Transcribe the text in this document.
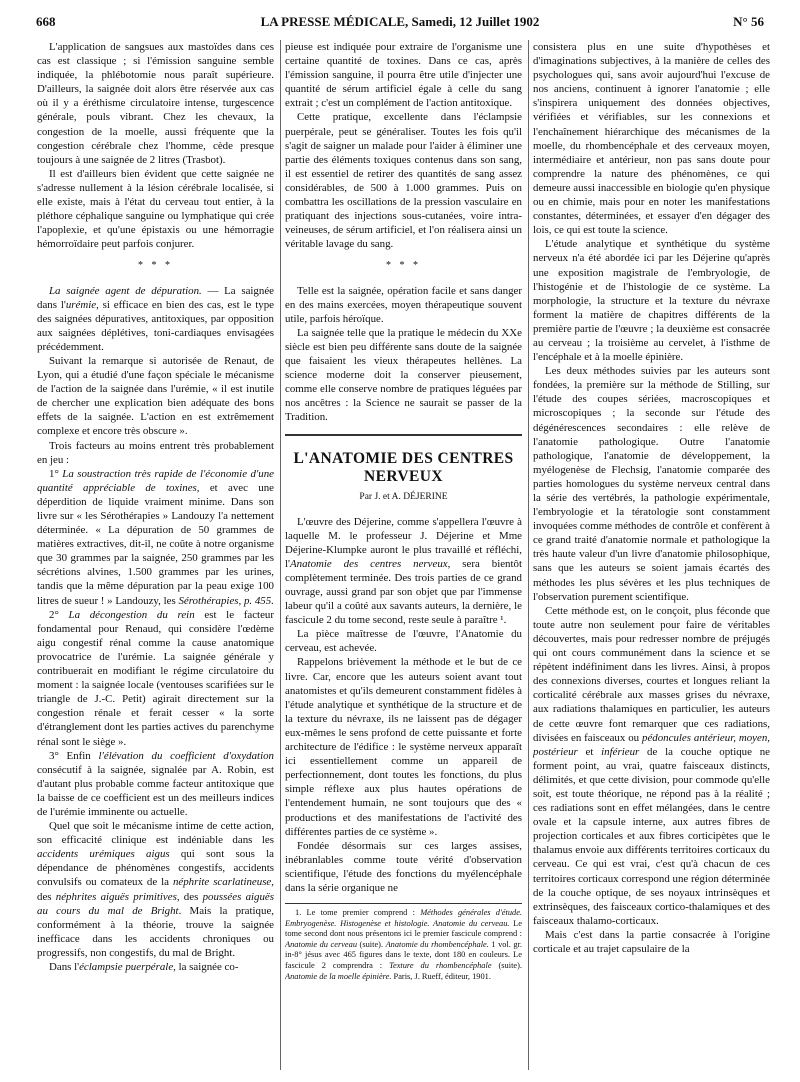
668	LA PRESSE MÉDICALE, Samedi, 12 Juillet 1902	N° 56

L'application de sangsues aux mastoïdes dans ces cas est classique ; si l'émission sanguine semble indiquée, la phlébotomie nous paraît supérieure. D'ailleurs, la saignée doit alors être réservée aux cas où il y a éréthisme circulatoire intense, turgescence générale, pouls vibrant. Chez les chevaux, la congestion de la moelle, aussi fréquente que la congestion cérébrale chez l'homme, cède presque toujours à une saignée de 2 litres (Trasbot).

Il est d'ailleurs bien évident que cette saignée ne s'adresse nullement à la lésion cérébrale localisée, si elle existe, mais à l'état du cerveau tout entier, à la pléthore céphalique sanguine ou lymphatique qui crée l'apoplexie, et qu'une épistaxis ou une hémorragie hémorroïdaire peut parfois conjurer.

* * *

La saignée agent de dépuration. — La saignée dans l'urémie, si efficace en bien des cas, est le type des saignées dépuratives, antitoxiques, par opposition aux saignées déplétives, toni-cardiaques envisagées précédemment.

Suivant la remarque si autorisée de Renaut, de Lyon, qui a étudié d'une façon spéciale le mécanisme de l'action de la saignée dans l'urémie, « il est inutile de chercher une explication bien adéquate des bons effets de la saignée. L'action en est extrêmement complexe et encore très obscure ».

Trois facteurs au moins entrent très probablement en jeu :

1° La soustraction très rapide de l'économie d'une quantité appréciable de toxines, et avec une déperdition de liquide vraiment minime. Dans son livre sur « les Sérothérapies » Landouzy l'a nettement déterminée. « La dépuration de 50 grammes de matières extractives, dit-il, ne coûte à notre organisme que 30 grammes par la saignée, 250 grammes par les sécrétions alvines, 1.500 grammes par les urines, tandis que la même dépuration par la peau exige 100 litres de sueur ! » Landouzy, les Sérothérapies, p. 455.

2° La décongestion du rein est le facteur fondamental pour Renaud, qui considère l'œdème aigu congestif rénal comme la cause anatomique provocatrice de l'urémie. La saignée générale y contribuerait en modifiant le régime circulatoire du moment : la saignée locale (ventouses scarifiées sur le triangle de J.-C. Petit) agirait directement sur la congestion rénale et ferait cesser « la sorte d'étranglement dont les parties actives du parenchyme rénal sont le siège ».

3° Enfin l'élévation du coefficient d'oxydation consécutif à la saignée, signalée par A. Robin, est d'autant plus probable comme facteur antitoxique que la baisse de ce coefficient est un des meilleurs indices de l'urémie imminente ou actuelle.

Quel que soit le mécanisme intime de cette action, son efficacité clinique est indéniable dans les accidents urémiques aigus qui sont sous la dépendance de phénomènes congestifs, accidents convulsifs ou comateux de la néphrite scarlatineuse, des néphrites aiguës primitives, des poussées aiguës au cours du mal de Bright. Mais la pratique, conformément à la théorie, trouve la saignée inefficace dans les accidents chroniques ou progressifs, non congestifs, du mal de Bright.

Dans l'éclampsie puerpérale, la saignée co-

pieuse est indiquée pour extraire de l'organisme une certaine quantité de toxines. Dans ce cas, après l'émission sanguine, il pourra être utile d'injecter une quantité de sérum artificiel égale à celle du sang extrait ; c'est un complément de l'action antitoxique.

Cette pratique, excellente dans l'éclampsie puerpérale, peut se généraliser. Toutes les fois qu'il s'agit de saigner un malade pour l'aider à éliminer une partie des éléments toxiques contenus dans son sang, il est essentiel de retirer des quantités de sang assez considérables, de 500 à 1.000 grammes. Puis on combattra les oscillations de la pression vasculaire en pratiquant des injections sous-cutanées, voire intra-veineuses, de sérum artificiel, et l'on réalisera ainsi un véritable lavage du sang.

* * *

Telle est la saignée, opération facile et sans danger en des mains exercées, moyen thérapeutique souvent utile, parfois héroïque.

La saignée telle que la pratique le médecin du XXe siècle est bien peu différente sans doute de la saignée que faisaient les vieux thérapeutes hellènes. La science moderne doit la conserver pieusement, comme elle conserve nombre de pratiques léguées par nos ancêtres : la Science ne saurait se passer de la Tradition.

L'ANATOMIE DES CENTRES NERVEUX
Par J. et A. DÉJERINE

L'œuvre des Déjerine, comme s'appellera l'œuvre à laquelle M. le professeur J. Déjerine et Mme Déjerine-Klumpke auront le plus travaillé et réfléchi, l'Anatomie des centres nerveux, sera bientôt complètement terminée. Des trois parties de ce grand ouvrage, aussi grand par son objet que par l'immense labeur qu'il a coûté aux savants auteurs, la dernière, le fascicule 2 du tome second, reste seule à paraître ¹.

La pièce maîtresse de l'œuvre, l'Anatomie du cerveau, est achevée.

Rappelons brièvement la méthode et le but de ce livre. Car, encore que les auteurs soient avant tout anatomistes et qu'ils demeurent constamment fidèles à l'étude analytique et synthétique de la structure et de la texture du névraxe, ils ne laissent pas de dégager eux-mêmes le sens profond de cette puissante et forte architecture de l'édifice : le système nerveux apparaît ici essentiellement comme un appareil de perfectionnement, dont toutes les fonctions, du plus simple réflexe aux plus hautes opérations de l'entendement humain, ne sont toujours que des « productions et des manifestations de l'activité des différentes parties de ce système ».

Fondée désormais sur ces larges assises, inébranlables comme toute vérité d'observation scientifique, l'étude des fonctions du myélencéphale dans la série organique ne

1. Le tome premier comprend : Méthodes générales d'étude. Embryogenèse. Histogenèse et histologie. Anatomie du cerveau. Le tome second dont nous présentons ici le premier fascicule comprend : Anatomie du cerveau (suite). Anatomie du rhombencéphale. 1 vol. gr. in-8° jésus avec 465 figures dans le texte, dont 180 en couleurs. Le fascicule 2 comprendra : Texture du rhombencéphale (suite). Anatomie de la moelle épinière. Paris, J. Rueff, éditeur, 1901.

consistera plus en une suite d'hypothèses et d'imaginations subjectives, à la manière de celles des psychologues qui, sans avoir aujourd'hui l'excuse de nos anciens, continuent à ignorer l'anatomie ; elle s'inspirera uniquement des données objectives, vérifiées et vérifiables, sur les connexions et l'enchaînement hiérarchique des mécanismes de la moelle, du rhombencéphale et des cerveaux moyen, intermédiaire et antérieur, non pas sans doute pour comprendre la nature des phénomènes, ce qui demeure aussi inaccessible en biologie qu'en physique ou en chimie, mais pour en noter les manifestations constantes, déterminées, et essayer d'en dégager des lois, ce qui est toute la science.

L'étude analytique et synthétique du système nerveux n'a été abordée ici par les Déjerine qu'après une exposition magistrale de l'embryologie, de l'histogénie et de l'histologie de ce système. La morphologie, la structure et la texture du névraxe forment la matière de chapitres différents de la première partie de l'œuvre ; la deuxième est consacrée au cerveau ; la troisième au cervelet, à l'isthme de l'encéphale et à la moelle épinière.

Les deux méthodes suivies par les auteurs sont fondées, la première sur la méthode de Stilling, sur l'étude des coupes sériées, macroscopiques et microscopiques ; la seconde sur l'étude des dégénérescences secondaires : elle relève de l'anatomie pathologique. Outre l'anatomie pathologique, l'anatomie de développement, la myélogenèse de Flechsig, l'anatomie comparée des parties homologues du système nerveux central dans la série des vertébrés, la pathologie expérimentale, l'embryologie et la tératologie sont constamment invoquées comme méthodes de contrôle et confèrent à ce grand traité d'anatomie normale et pathologique la très haute valeur d'un livre d'anatomie philosophique, sans que les auteurs se soient jamais écartés des méthodes les plus sévères et les plus techniques de l'observation purement scientifique.

Cette méthode est, on le conçoit, plus féconde que toute autre non seulement pour faire de véritables découvertes, mais pour redresser nombre de préjugés qui ont cours communément dans la science et se répètent indéfiniment dans les livres. Ainsi, à propos des connexions diverses, courtes et longues reliant la corticalité cérébrale aux masses grises du névraxe, aux radiations thalamiques en particulier, les auteurs de cette œuvre font remarquer que ces radiations, divisées en faisceaux ou pédoncules antérieur, moyen, postérieur et inférieur de la couche optique ne forment point, au vrai, quatre faisceaux distincts, délimités, et que cette division, pour commode qu'elle soit, est toute théorique, ne répond pas à la réalité ; ces radiations sont en effet mélangées, dans le centre ovale et la capsule interne, aux autres fibres de projection corticales et aux fibres corticipètes que le thalamus envoie aux différents territoires corticaux du cerveau. Ce qui est vrai, c'est qu'à chacun de ces territoires corticaux correspond une région déterminée de la couche optique, de ses noyaux intrinsèques et extrinsèques, des faisceaux cortico-thalamiques et des faisceaux thalamo-corticaux.

Mais c'est dans la partie consacrée à l'origine corticale et au trajet capsulaire de la
